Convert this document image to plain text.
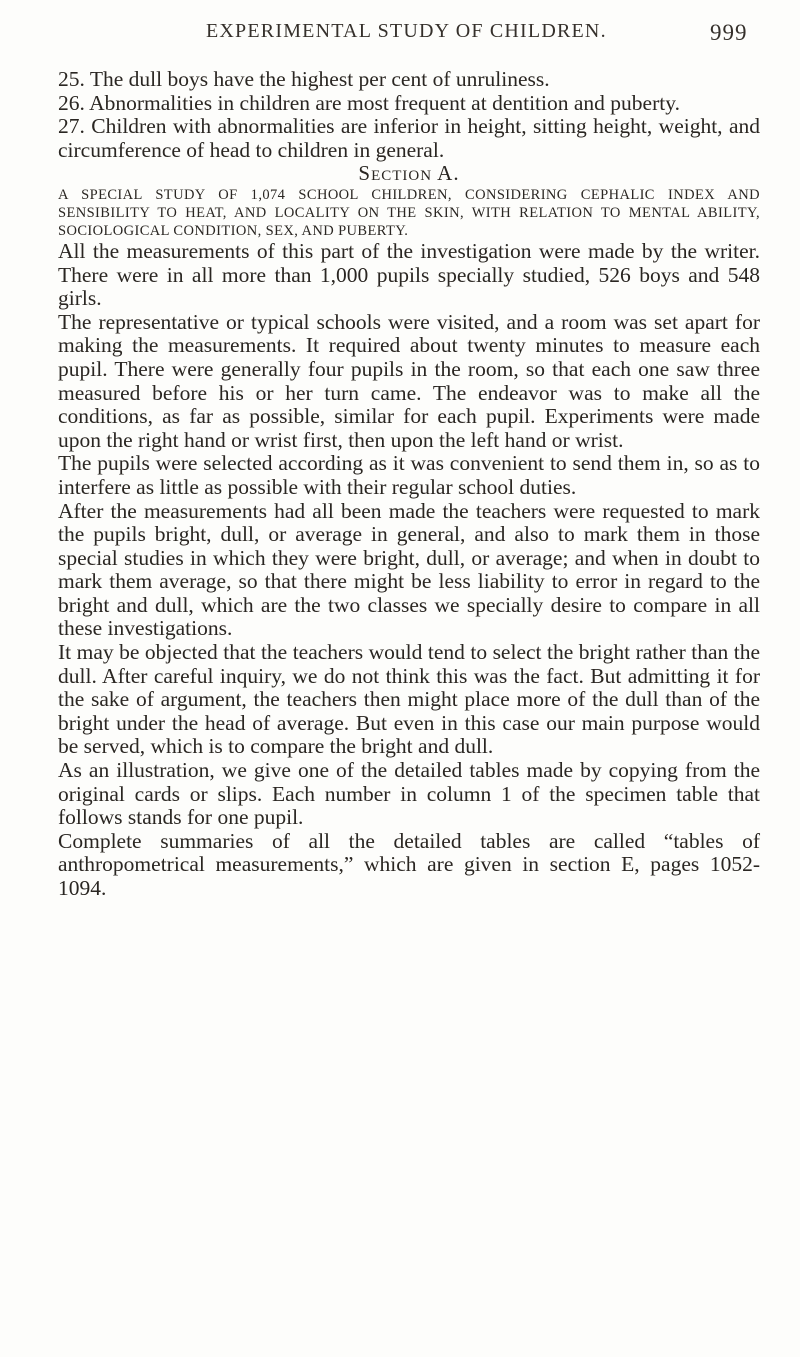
EXPERIMENTAL STUDY OF CHILDREN.	999

25. The dull boys have the highest per cent of unruliness.

26. Abnormalities in children are most frequent at dentition and puberty.

27. Children with abnormalities are inferior in height, sitting height, weight, and circumference of head to children in general.

Section A.

A SPECIAL STUDY OF 1,074 SCHOOL CHILDREN, CONSIDERING CEPHALIC INDEX AND SENSIBILITY TO HEAT, AND LOCALITY ON THE SKIN, WITH RELATION TO MENTAL ABILITY, SOCIOLOGICAL CONDITION, SEX, AND PUBERTY.

All the measurements of this part of the investigation were made by the writer. There were in all more than 1,000 pupils specially studied, 526 boys and 548 girls.

The representative or typical schools were visited, and a room was set apart for making the measurements. It required about twenty minutes to measure each pupil. There were generally four pupils in the room, so that each one saw three measured before his or her turn came. The endeavor was to make all the conditions, as far as possible, similar for each pupil. Experiments were made upon the right hand or wrist first, then upon the left hand or wrist.

The pupils were selected according as it was convenient to send them in, so as to interfere as little as possible with their regular school duties.

After the measurements had all been made the teachers were requested to mark the pupils bright, dull, or average in general, and also to mark them in those special studies in which they were bright, dull, or average; and when in doubt to mark them average, so that there might be less liability to error in regard to the bright and dull, which are the two classes we specially desire to compare in all these investigations.

It may be objected that the teachers would tend to select the bright rather than the dull. After careful inquiry, we do not think this was the fact. But admitting it for the sake of argument, the teachers then might place more of the dull than of the bright under the head of average. But even in this case our main purpose would be served, which is to compare the bright and dull.

As an illustration, we give one of the detailed tables made by copying from the original cards or slips. Each number in column 1 of the specimen table that follows stands for one pupil.

Complete summaries of all the detailed tables are called “tables of anthropometrical measurements,” which are given in section E, pages 1052-1094.
